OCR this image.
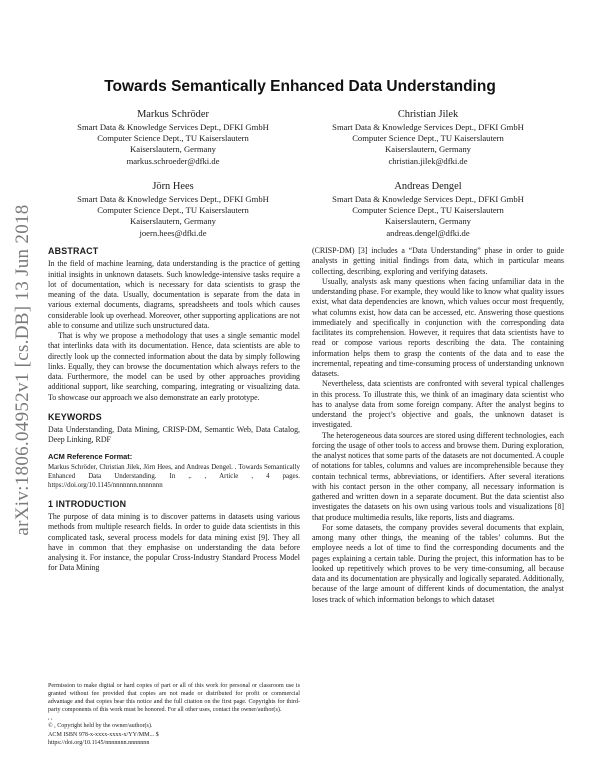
arXiv:1806.04952v1 [cs.DB] 13 Jun 2018
Towards Semantically Enhanced Data Understanding
Markus Schröder
Smart Data & Knowledge Services Dept., DFKI GmbH
Computer Science Dept., TU Kaiserslautern
Kaiserslautern, Germany
markus.schroeder@dfki.de
Christian Jilek
Smart Data & Knowledge Services Dept., DFKI GmbH
Computer Science Dept., TU Kaiserslautern
Kaiserslautern, Germany
christian.jilek@dfki.de
Jörn Hees
Smart Data & Knowledge Services Dept., DFKI GmbH
Computer Science Dept., TU Kaiserslautern
Kaiserslautern, Germany
joern.hees@dfki.de
Andreas Dengel
Smart Data & Knowledge Services Dept., DFKI GmbH
Computer Science Dept., TU Kaiserslautern
Kaiserslautern, Germany
andreas.dengel@dfki.de
ABSTRACT

In the field of machine learning, data understanding is the practice of getting initial insights in unknown datasets. Such knowledge-intensive tasks require a lot of documentation, which is necessary for data scientists to grasp the meaning of the data. Usually, documentation is separate from the data in various external documents, diagrams, spreadsheets and tools which causes considerable look up overhead. Moreover, other supporting applications are not able to consume and utilize such unstructured data.

That is why we propose a methodology that uses a single semantic model that interlinks data with its documentation. Hence, data scientists are able to directly look up the connected information about the data by simply following links. Equally, they can browse the documentation which always refers to the data. Furthermore, the model can be used by other approaches providing additional support, like searching, comparing, integrating or visualizing data. To showcase our approach we also demonstrate an early prototype.

KEYWORDS

Data Understanding, Data Mining, CRISP-DM, Semantic Web, Data Catalog, Deep Linking, RDF

ACM Reference Format:

Markus Schröder, Christian Jilek, Jörn Hees, and Andreas Dengel. . Towards Semantically Enhanced Data Understanding. In ,. , Article , 4 pages. https://doi.org/10.1145/nnnnnnn.nnnnnnn

1 INTRODUCTION

The purpose of data mining is to discover patterns in datasets using various methods from multiple research fields. In order to guide data scientists in this complicated task, several process models for data mining exist [9]. They all have in common that they emphasise on understanding the data before analysing it. For instance, the popular Cross-Industry Standard Process Model for Data Mining

Permission to make digital or hard copies of part or all of this work for personal or classroom use is granted without fee provided that copies are not made or distributed for profit or commercial advantage and that copies bear this notice and the full citation on the first page. Copyrights for third-party components of this work must be honored. For all other uses, contact the owner/author(s).

, ,
© , Copyright held by the owner/author(s).
ACM ISBN 978-x-xxxx-xxxx-x/YY/MM... $
https://doi.org/10.1145/nnnnnnn.nnnnnnn

(CRISP-DM) [3] includes a “Data Understanding” phase in order to guide analysts in getting initial findings from data, which in particular means collecting, describing, exploring and verifying datasets.

Usually, analysts ask many questions when facing unfamiliar data in the understanding phase. For example, they would like to know what quality issues exist, what data dependencies are known, which values occur most frequently, what columns exist, how data can be accessed, etc. Answering those questions immediately and specifically in conjunction with the corresponding data facilitates its comprehension. However, it requires that data scientists have to read or compose various reports describing the data. The containing information helps them to grasp the contents of the data and to ease the incremental, repeating and time-consuming process of understanding unknown datasets.

Nevertheless, data scientists are confronted with several typical challenges in this process. To illustrate this, we think of an imaginary data scientist who has to analyse data from some foreign company. After the analyst begins to understand the project’s objective and goals, the unknown dataset is investigated.

The heterogeneous data sources are stored using different technologies, each forcing the usage of other tools to access and browse them. During exploration, the analyst notices that some parts of the datasets are not documented. A couple of notations for tables, columns and values are incomprehensible because they contain technical terms, abbreviations, or identifiers. After several iterations with his contact person in the other company, all necessary information is gathered and written down in a separate document. But the data scientist also investigates the datasets on his own using various tools and visualizations [8] that produce multimedia results, like reports, lists and diagrams.

For some datasets, the company provides several documents that explain, among many other things, the meaning of the tables’ columns. But the employee needs a lot of time to find the corresponding documents and the pages explaining a certain table. During the project, this information has to be looked up repetitively which proves to be very time-consuming, all because data and its documentation are physically and logically separated. Additionally, because of the large amount of different kinds of documentation, the analyst loses track of which information belongs to which dataset
